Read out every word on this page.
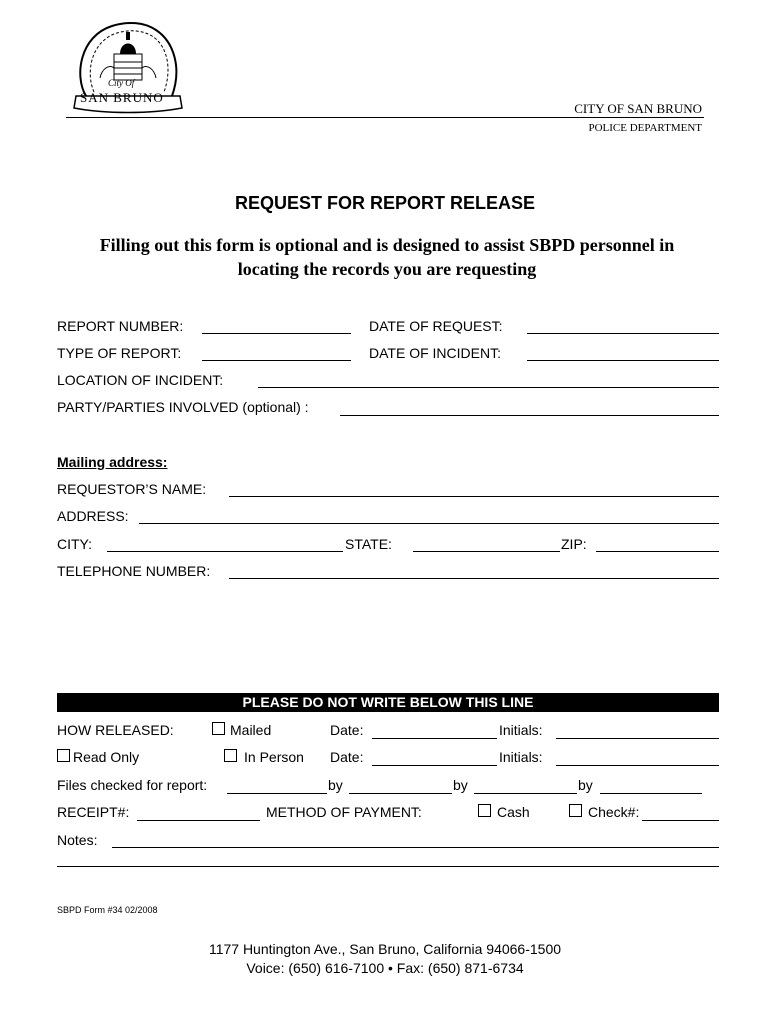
City Of
SAN BRUNO
CITY OF SAN BRUNO
POLICE DEPARTMENT
REQUEST FOR REPORT RELEASE
Filling out this form is optional and is designed to assist SBPD personnel in
locating the records you are requesting
REPORT NUMBER:	DATE OF REQUEST:
TYPE OF REPORT:	DATE OF INCIDENT:
LOCATION OF INCIDENT:
PARTY/PARTIES INVOLVED (optional) :
Mailing address:
REQUESTOR’S NAME:
ADDRESS:
CITY:	STATE:	ZIP:
TELEPHONE NUMBER:
PLEASE DO NOT WRITE BELOW THIS LINE
HOW RELEASED:	Mailed	Date:	Initials:
Read Only	In Person Date:	Initials:
Files checked for report:	by	by	by
RECEIPT#:	METHOD OF PAYMENT:	Cash	Check#:
Notes:
SBPD Form #34 02/2008
1177 Huntington Ave., San Bruno, California 94066-1500
Voice: (650) 616-7100 • Fax: (650) 871-6734
